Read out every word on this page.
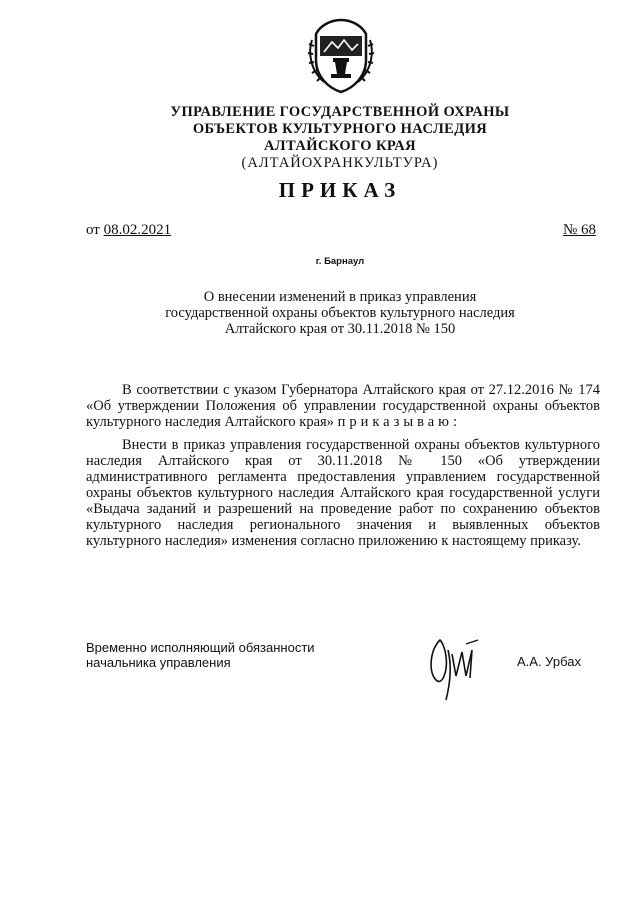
УПРАВЛЕНИЕ ГОСУДАРСТВЕННОЙ ОХРАНЫ
ОБЪЕКТОВ КУЛЬТУРНОГО НАСЛЕДИЯ
АЛТАЙСКОГО КРАЯ
(АЛТАЙОХРАНКУЛЬТУРА)
ПРИКАЗ
от 08.02.2021	№ 68
г. Барнаул
О внесении изменений в приказ управления
государственной охраны объектов культурного наследия
Алтайского края от 30.11.2018 № 150
В соответствии с указом Губернатора Алтайского края от 27.12.2016 № 174 «Об утверждении Положения об управлении государственной охраны объектов культурного наследия Алтайского края» приказываю:
Внести в приказ управления государственной охраны объектов культурного наследия Алтайского края от 30.11.2018 № 150 «Об утверждении административного регламента предоставления управлением государственной охраны объектов культурного наследия Алтайского края государственной услуги «Выдача заданий и разрешений на проведение работ по сохранению объектов культурного наследия регионального значения и выявленных объектов культурного наследия» изменения согласно приложению к настоящему приказу.
Временно исполняющий обязанности
начальника управления	А.А. Урбах
